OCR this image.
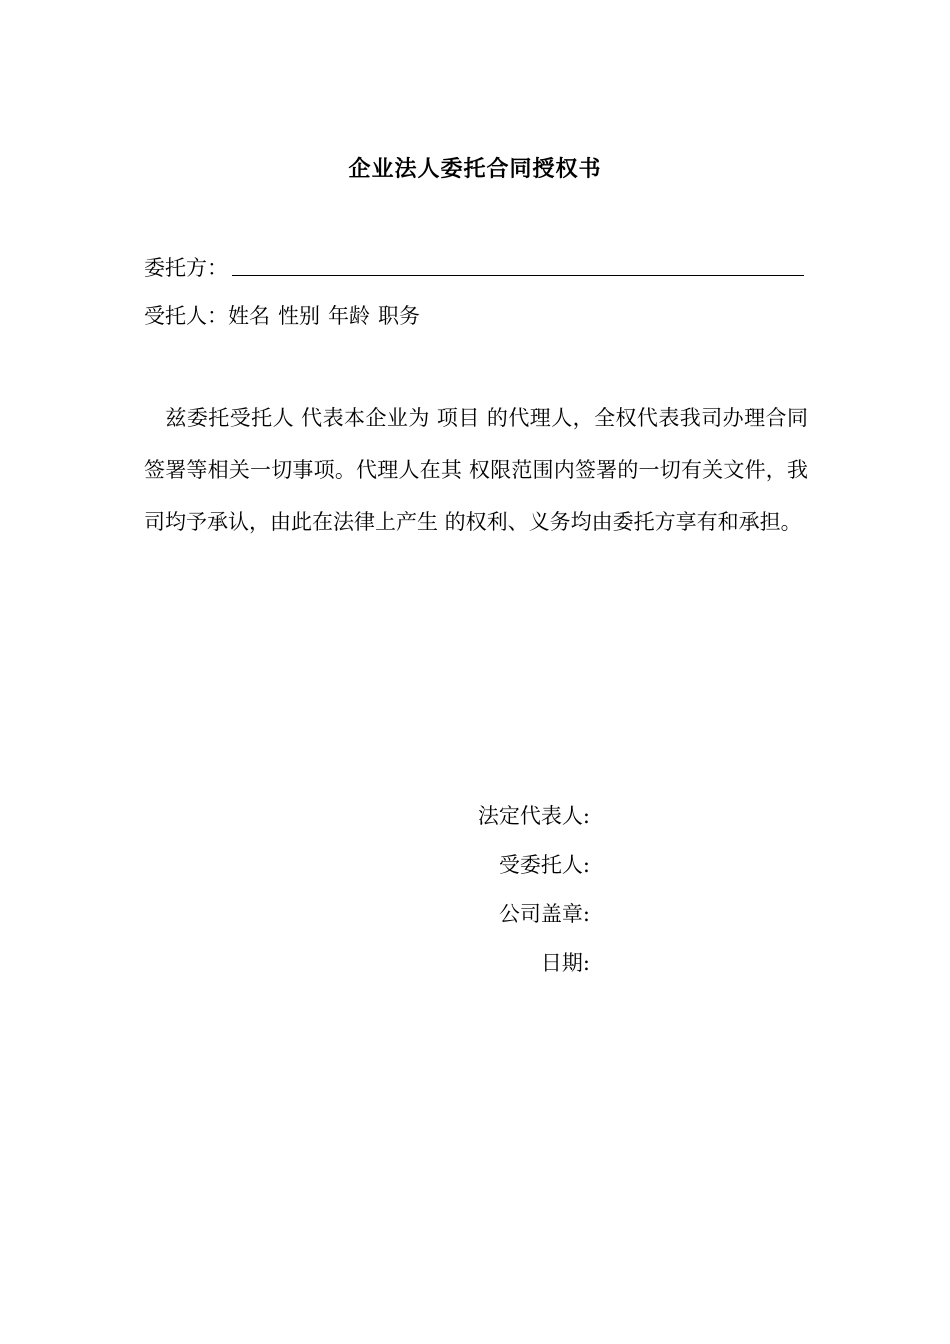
企业法人委托合同授权书
委托方：
受托人：姓名 性别 年龄 职务
　兹委托受托人 代表本企业为 项目 的代理人，全权代表我司办理合同签署等相关一切事项。代理人在其 权限范围内签署的一切有关文件，我司均予承认，由此在法律上产生 的权利、义务均由委托方享有和承担。
法定代表人:
受委托人:
公司盖章:
日期:
